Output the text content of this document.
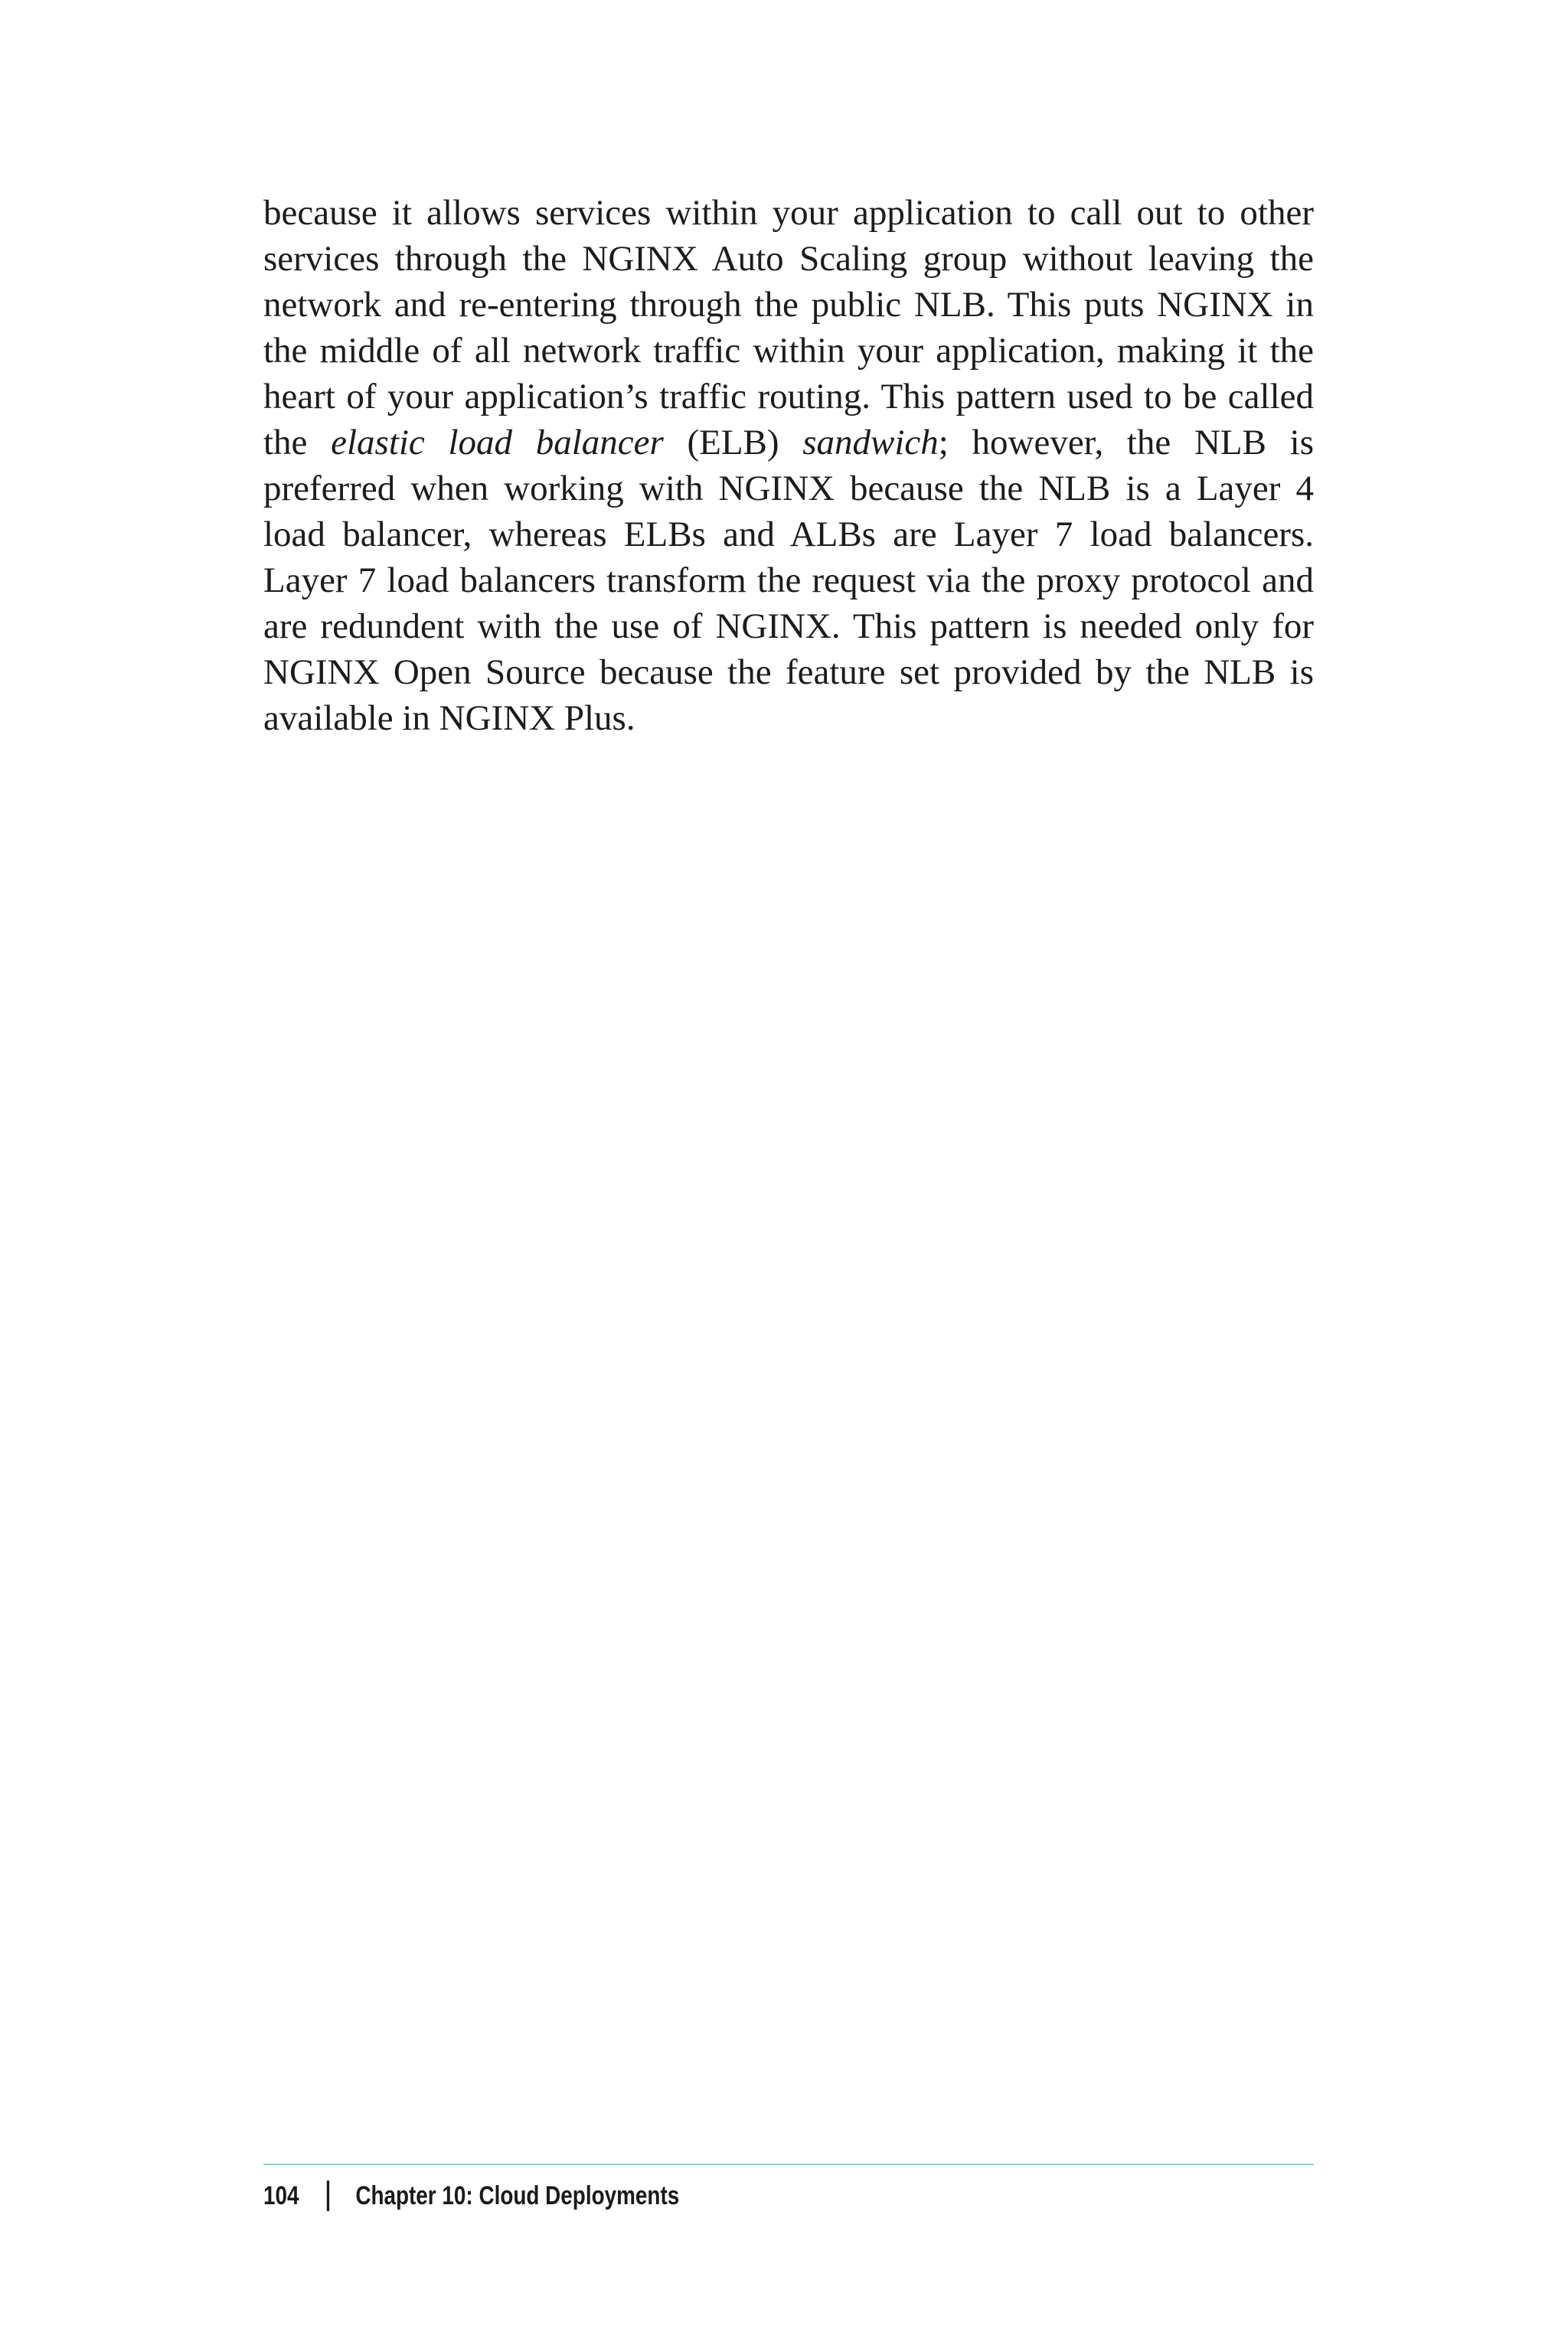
because it allows services within your application to call out to other services through the NGINX Auto Scaling group without leaving the network and re-entering through the public NLB. This puts NGINX in the middle of all network traffic within your application, making it the heart of your application’s traffic routing. This pattern used to be called the elastic load balancer (ELB) sandwich; however, the NLB is preferred when working with NGINX because the NLB is a Layer 4 load balancer, whereas ELBs and ALBs are Layer 7 load balancers. Layer 7 load balancers transform the request via the proxy protocol and are redundent with the use of NGINX. This pattern is needed only for NGINX Open Source because the feature set provided by the NLB is available in NGINX Plus.

104 Chapter 10: Cloud Deployments
